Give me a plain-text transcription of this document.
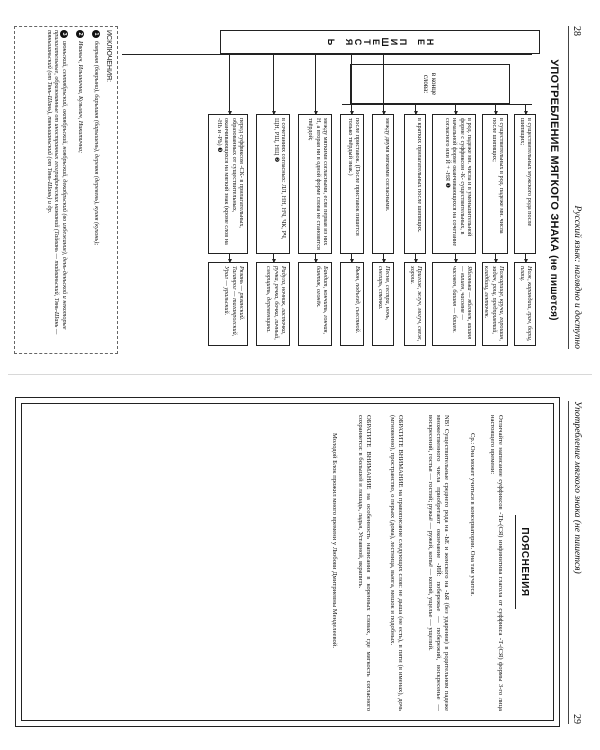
28
Русский язык: наглядно и доступно
УПОТРЕБЛЕНИЕ МЯГКОГО ЗНАКА (не пишется)
Н
Е

П
И
Ш
Е
Т
С
Я

Ь
в конце слова:
в существительных мужского рода после шипящих;
Нож, карандаш, грач, борщ, плащ.
в существительных в род. падеже мн. числа после шипящих;
Пожарище, кручи, горошин, задач, рощ, предприятий, кладбищ, ленточек.
в род. падеже мн. числа и в уменьшительной форме с суффиксом -К- существительных, в начальной форме оканчивающихся на сочетание согласного или Й + -НЯ ❶
Яблонька — яблонек, вишня — вишен, часовня — часовен, башня — башен.
в кратких прилагательных после шипящих.
Пригож, жгуч, могуч, свеж, хорош.
между двумя мягкими согласными.
Песня, сестра, ночь, снегирь, стенка.
после приставок. (После приставок пишется только твёрдый знак.)
Вьюн, подъезд, съестной.
между мягкими согласными, если первая из них Н, а вторая ни в одной форме слова не становится твёрдой;
Бандит, кончить, гончая, бантик, огонёк.
в сочетаниях согласных: ЛЛ, НН, НЧ, ЧК, РЧ, ЩН, РЩ, НЩ ❷
Радуга, ночник, ласточка, ручка, речка, бочка, личный, сморщить, деревенщина.
перед суффиксом -СК- в прилагательных, образованных от существительных, оканчивающихся на мягкий знак (кроме слов на -НЬ и -РЬ) ❸
Рязань — рязанский. Таганрог — таганрогский, Урал — уральский.
ИСКЛЮЧЕНИЯ:
1боярыня (боярыни), барышня (барышень), деревня (деревень), кухня (кухонь);
2Иваныч, Ильинична, Кузьмич, Никитична;
3июньский, сентябрьский, октябрьский, ноябрьский, декабрьский (во избежание), день-деньской и некоторые прилагательные, образованные от иностранных географических названий (Тайвань — тайваньский, Тянь-Шань — тяньшаньский (от Тянь-Шань), тяньшаньский (от Тянь-Шань) и др.
Употребление мягкого знака (не пишется)
29
ПОЯСНЕНИЯ
Отличайте написание суффиксов -ТЬ-(СЯ) инфинитива глагола от суффикса -Т-(СЯ) формы 3-го лица настоящего времени:
Ср.: Она может учиться в консерватории. Она там учится.
NB! Существительные среднего рода на -ЬЕ и женского на -ЬЯ (без ударения) в родительном падеже множественного числа приобретают окончание -ИЙ: побережье — побережий, воскресенье — воскресений, гостья — гостий; ружьё — ружей, копьё — копий, ущелье — ущелий.
ОБРАТИТЕ ВНИМАНИЕ на правописание следующих слов: не дыша (не есть), в пяти (в именах), дочь (мгновенно), пространство, о перьях (дома), лестница, вьюга, мешок и подобных.
ОБРАТИТЕ ВНИМАНИЕ на особенность написания в коренных словах, где мягкость согласного сохраняется: в большей и лошадь, ладья, Уставной, вкрапить.
Молодой Блок прожил много времени у Любови Дмитриевны Менделеевой.
